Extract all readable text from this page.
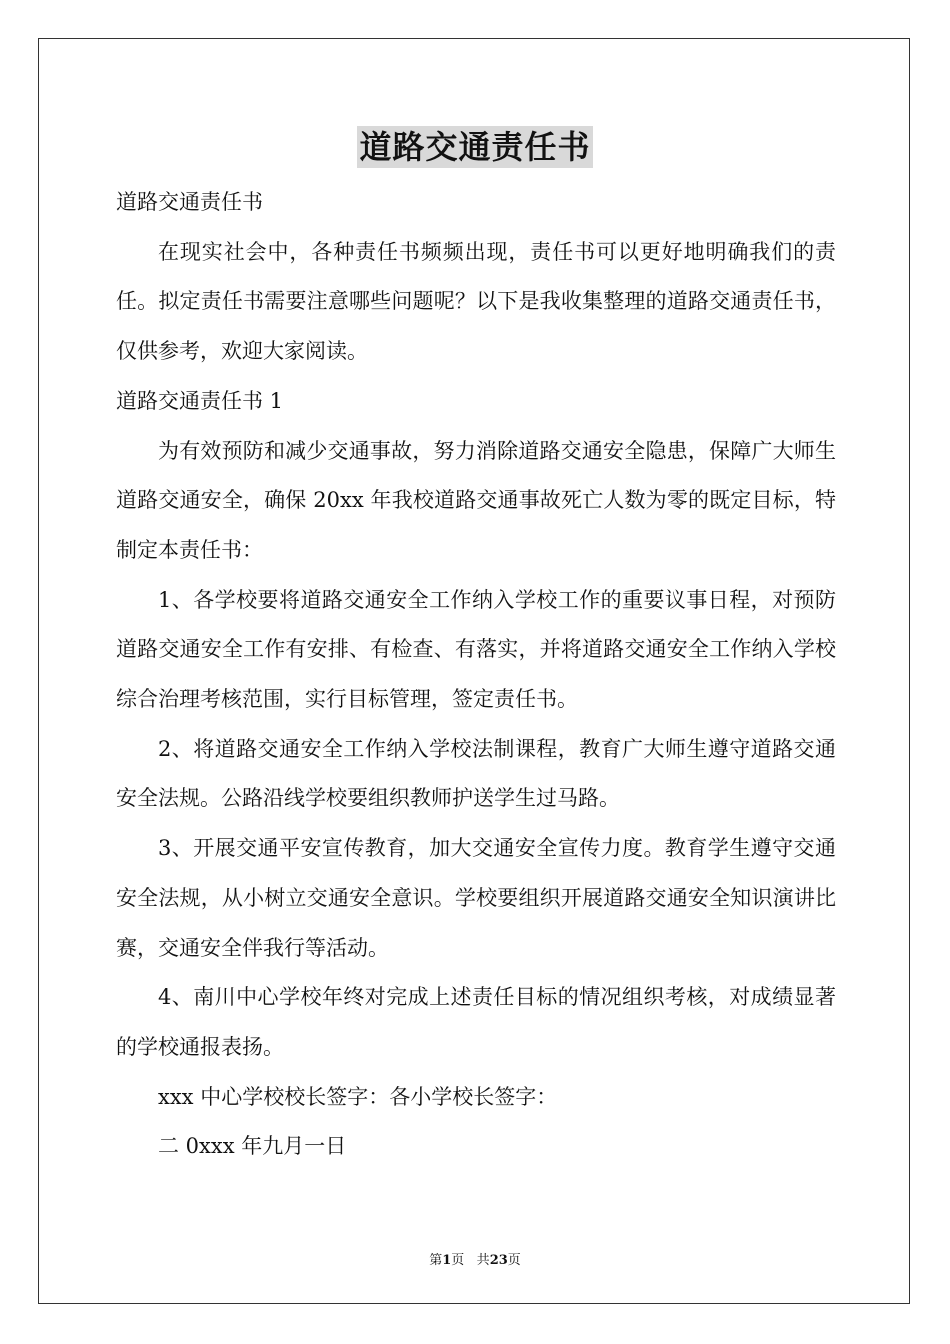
道路交通责任书

道路交通责任书

在现实社会中，各种责任书频频出现，责任书可以更好地明确我们的责任。拟定责任书需要注意哪些问题呢？以下是我收集整理的道路交通责任书，仅供参考，欢迎大家阅读。

道路交通责任书 1

为有效预防和减少交通事故，努力消除道路交通安全隐患，保障广大师生道路交通安全，确保 20xx 年我校道路交通事故死亡人数为零的既定目标，特制定本责任书：

1、各学校要将道路交通安全工作纳入学校工作的重要议事日程，对预防道路交通安全工作有安排、有检查、有落实，并将道路交通安全工作纳入学校综合治理考核范围，实行目标管理，签定责任书。

2、将道路交通安全工作纳入学校法制课程，教育广大师生遵守道路交通安全法规。公路沿线学校要组织教师护送学生过马路。

3、开展交通平安宣传教育，加大交通安全宣传力度。教育学生遵守交通安全法规，从小树立交通安全意识。学校要组织开展道路交通安全知识演讲比赛，交通安全伴我行等活动。

4、南川中心学校年终对完成上述责任目标的情况组织考核，对成绩显著的学校通报表扬。

xxx 中心学校校长签字：各小学校长签字：

二 0xxx 年九月一日

第1页 共23页
